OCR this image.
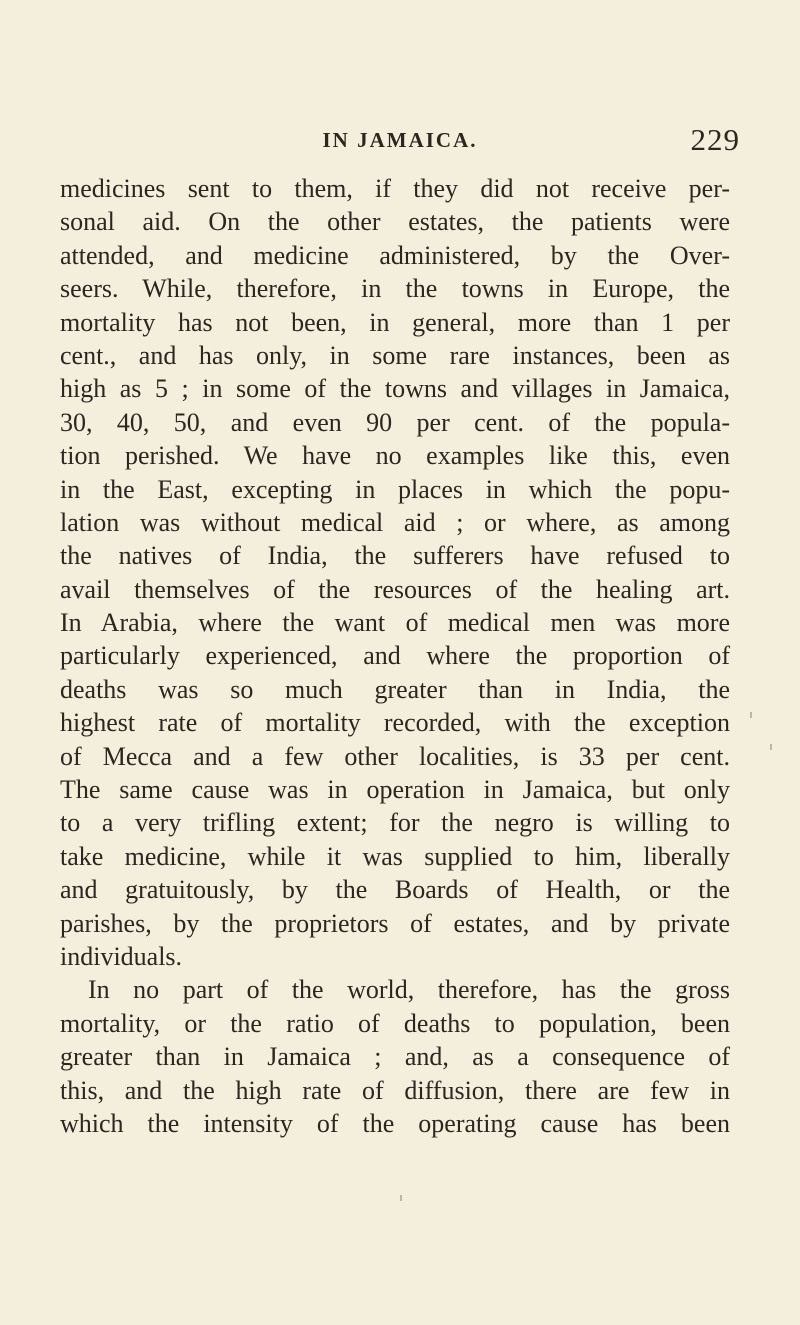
IN JAMAICA.	229
medicines sent to them, if they did not receive per-
sonal aid. On the other estates, the patients were
attended, and medicine administered, by the Over-
seers. While, therefore, in the towns in Europe, the
mortality has not been, in general, more than 1 per
cent., and has only, in some rare instances, been as
high as 5 ; in some of the towns and villages in Jamaica,
30, 40, 50, and even 90 per cent. of the popula-
tion perished. We have no examples like this, even
in the East, excepting in places in which the popu-
lation was without medical aid ; or where, as among
the natives of India, the sufferers have refused to
avail themselves of the resources of the healing art.
In Arabia, where the want of medical men was more
particularly experienced, and where the proportion of
deaths was so much greater than in India, the
highest rate of mortality recorded, with the exception
of Mecca and a few other localities, is 33 per cent.
The same cause was in operation in Jamaica, but only
to a very trifling extent; for the negro is willing to
take medicine, while it was supplied to him, liberally
and gratuitously, by the Boards of Health, or the
parishes, by the proprietors of estates, and by private
individuals.
In no part of the world, therefore, has the gross
mortality, or the ratio of deaths to population, been
greater than in Jamaica ; and, as a consequence of
this, and the high rate of diffusion, there are few in
which the intensity of the operating cause has been
